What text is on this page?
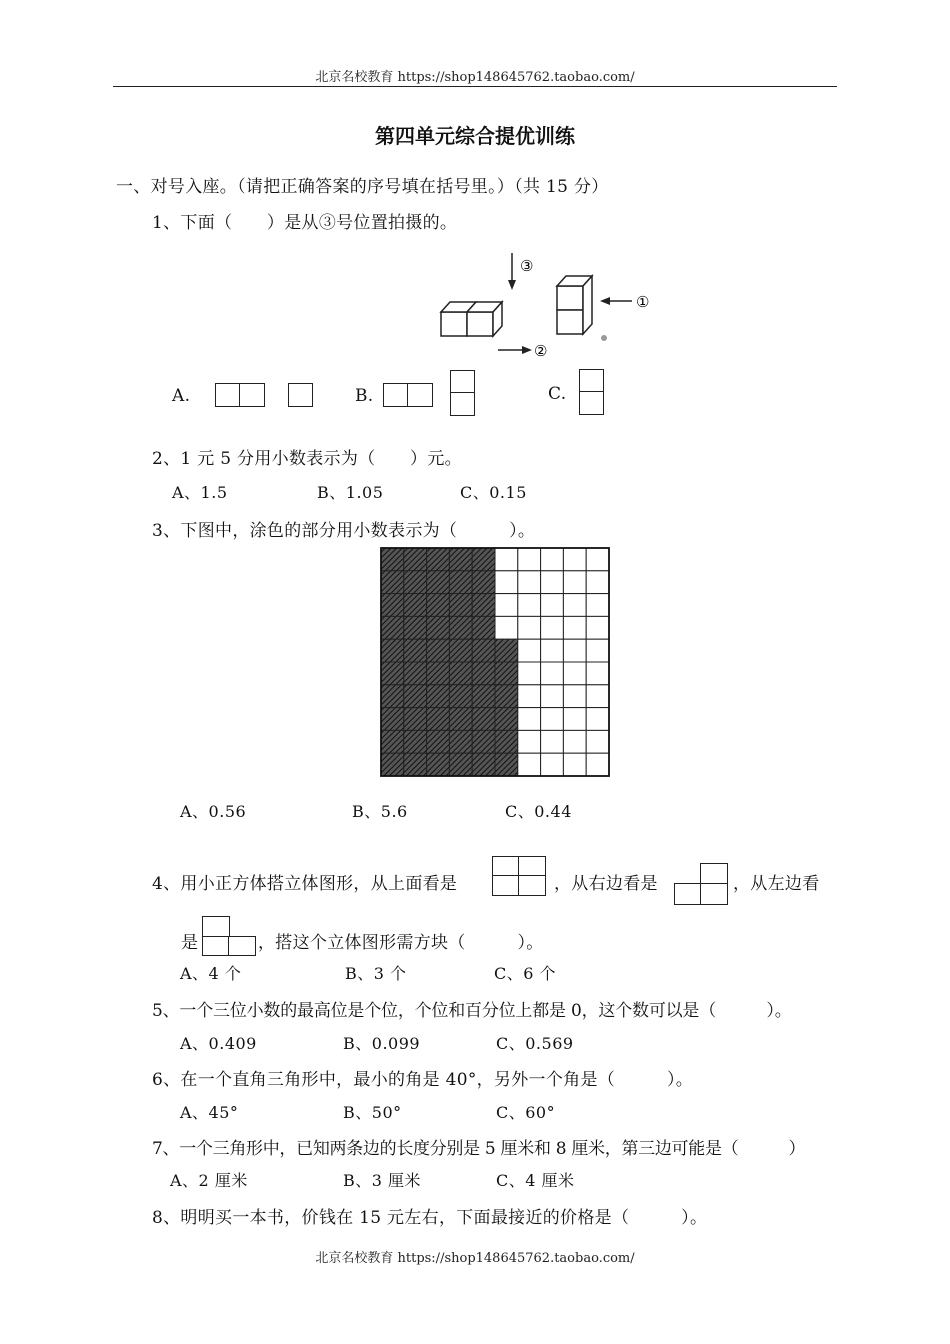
北京名校教育 https://shop148645762.taobao.com/
第四单元综合提优训练
一、对号入座。（请把正确答案的序号填在括号里。）（共 15 分）
1、下面（　　）是从③号位置拍摄的。
③
①
②
A.	B.	C.
2、1 元 5 分用小数表示为（　　）元。
A、1.5	B、1.05	C、0.15
3、下图中，涂色的部分用小数表示为（　　　）。
A、0.56	B、5.6	C、0.44
4、用小正方体搭立体图形，从上面看是	，从右边看是	，从左边看
是	，搭这个立体图形需方块（　　　）。
A、4 个	B、3 个	C、6 个
5、一个三位小数的最高位是个位，个位和百分位上都是 0，这个数可以是（　　　）。
A、0.409	B、0.099	C、0.569
6、在一个直角三角形中，最小的角是 40°，另外一个角是（　　　）。
A、45°	B、50°	C、60°
7、一个三角形中，已知两条边的长度分别是 5 厘米和 8 厘米，第三边可能是（　　　）
A、2 厘米	B、3 厘米	C、4 厘米
8、明明买一本书，价钱在 15 元左右，下面最接近的价格是（　　　）。
北京名校教育 https://shop148645762.taobao.com/
